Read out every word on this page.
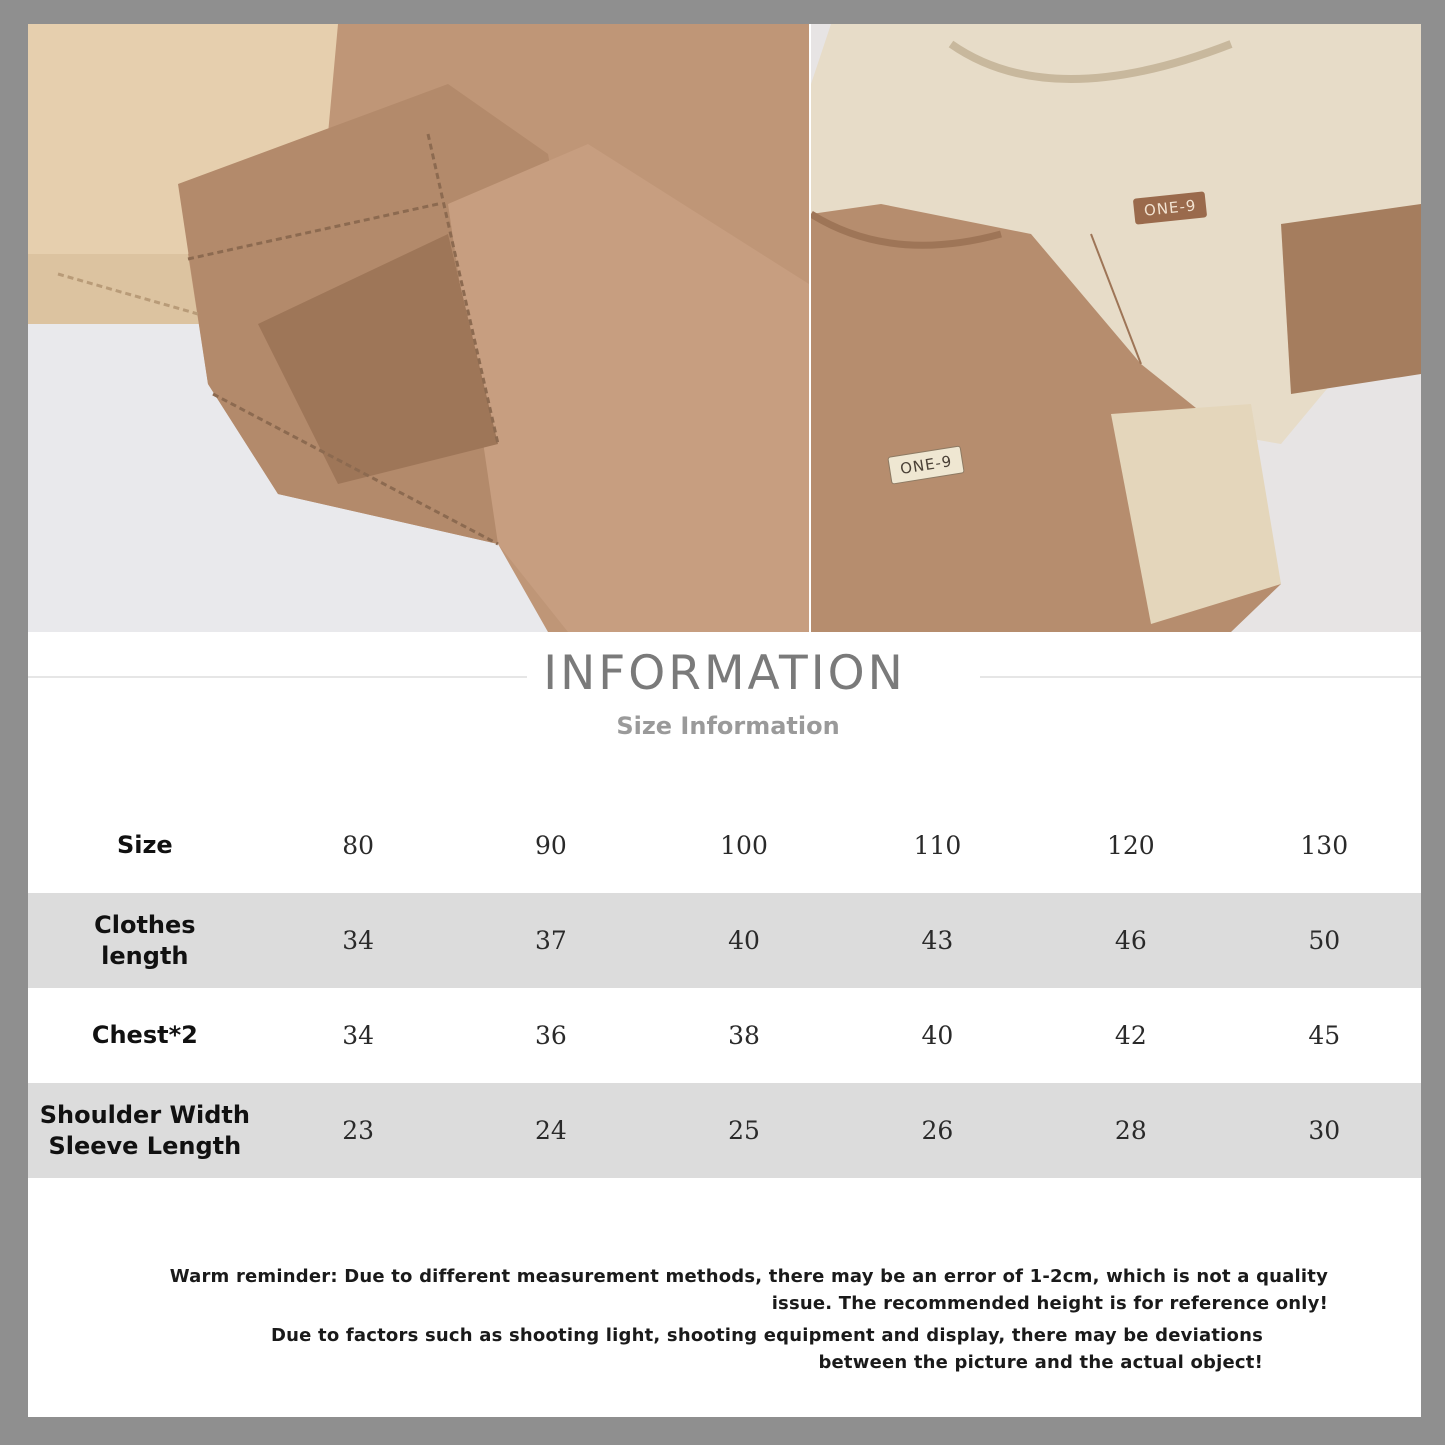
ONE-9
ONE-9
INFORMATION
Size Information
Size	80	90	100	110	120	130
Clothes
length	34	37	40	43	46	50
Chest*2	34	36	38	40	42	45
Shoulder Width
Sleeve Length	23	24	25	26	28	30
Warm reminder: Due to different measurement methods, there may be an error of 1-2cm, which is not a quality issue. The recommended height is for reference only!
Due to factors such as shooting light, shooting equipment and display, there may be deviations between the picture and the actual object!
